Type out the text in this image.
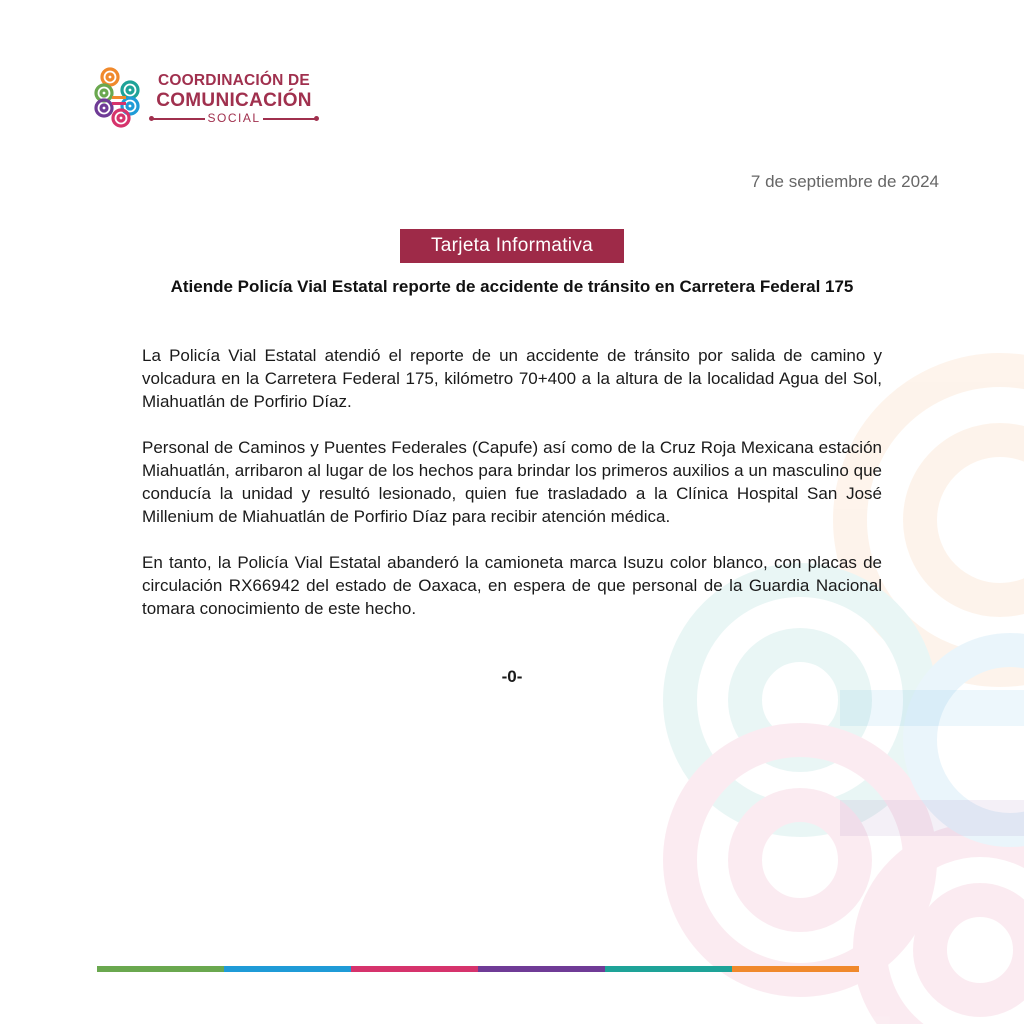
COORDINACIÓN DE
COMUNICACIÓN
SOCIAL
7 de septiembre de 2024
Tarjeta Informativa
Atiende Policía Vial Estatal reporte de accidente de tránsito en Carretera Federal 175

La Policía Vial Estatal atendió el reporte de un accidente de tránsito por salida de camino y volcadura en la Carretera Federal 175, kilómetro 70+400 a la altura de la localidad Agua del Sol, Miahuatlán de Porfirio Díaz.

Personal de Caminos y Puentes Federales (Capufe) así como de la Cruz Roja Mexicana estación Miahuatlán, arribaron al lugar de los hechos para brindar los primeros auxilios a un masculino que conducía la unidad y resultó lesionado, quien fue trasladado a la Clínica Hospital San José Millenium de Miahuatlán de Porfirio Díaz para recibir atención médica.

En tanto, la Policía Vial Estatal abanderó la camioneta marca Isuzu color blanco, con placas de circulación RX66942 del estado de Oaxaca, en espera de que personal de la Guardia Nacional tomara conocimiento de este hecho.

-0-
